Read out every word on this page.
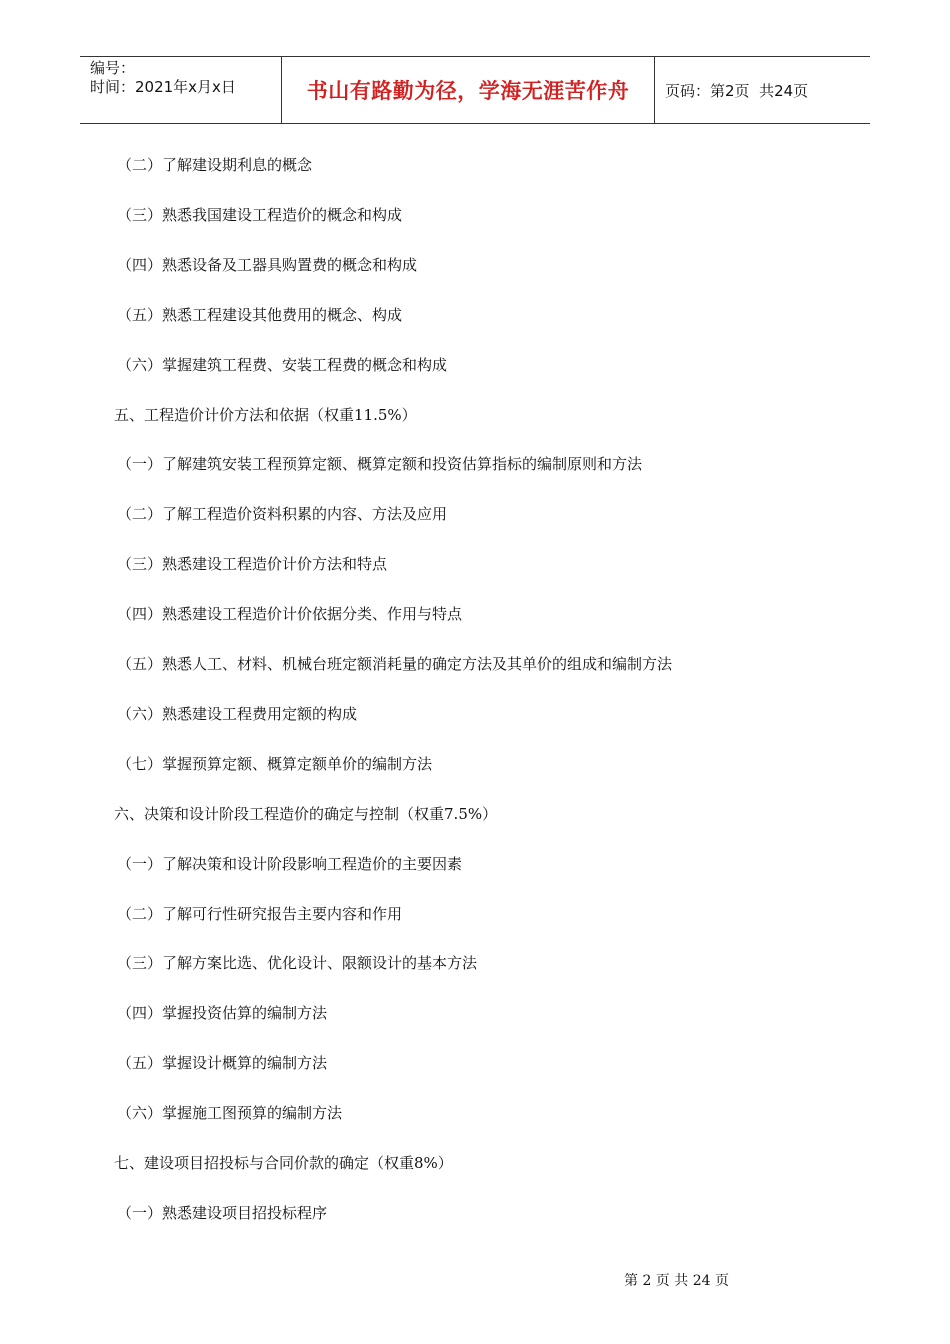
编号：
时间：2021年x月x日	书山有路勤为径，学海无涯苦作舟 页码：第2页  共24页
（二）了解建设期利息的概念
（三）熟悉我国建设工程造价的概念和构成
（四）熟悉设备及工器具购置费的概念和构成
（五）熟悉工程建设其他费用的概念、构成
（六）掌握建筑工程费、安装工程费的概念和构成
五、工程造价计价方法和依据（权重11.5%）
（一）了解建筑安装工程预算定额、概算定额和投资估算指标的编制原则和方法
（二）了解工程造价资料积累的内容、方法及应用
（三）熟悉建设工程造价计价方法和特点
（四）熟悉建设工程造价计价依据分类、作用与特点
（五）熟悉人工、材料、机械台班定额消耗量的确定方法及其单价的组成和编制方法
（六）熟悉建设工程费用定额的构成
（七）掌握预算定额、概算定额单价的编制方法
六、决策和设计阶段工程造价的确定与控制（权重7.5%）
（一）了解决策和设计阶段影响工程造价的主要因素
（二）了解可行性研究报告主要内容和作用
（三）了解方案比选、优化设计、限额设计的基本方法
（四）掌握投资估算的编制方法
（五）掌握设计概算的编制方法
（六）掌握施工图预算的编制方法
七、建设项目招投标与合同价款的确定（权重8%）
（一）熟悉建设项目招投标程序
第 2 页 共 24 页
